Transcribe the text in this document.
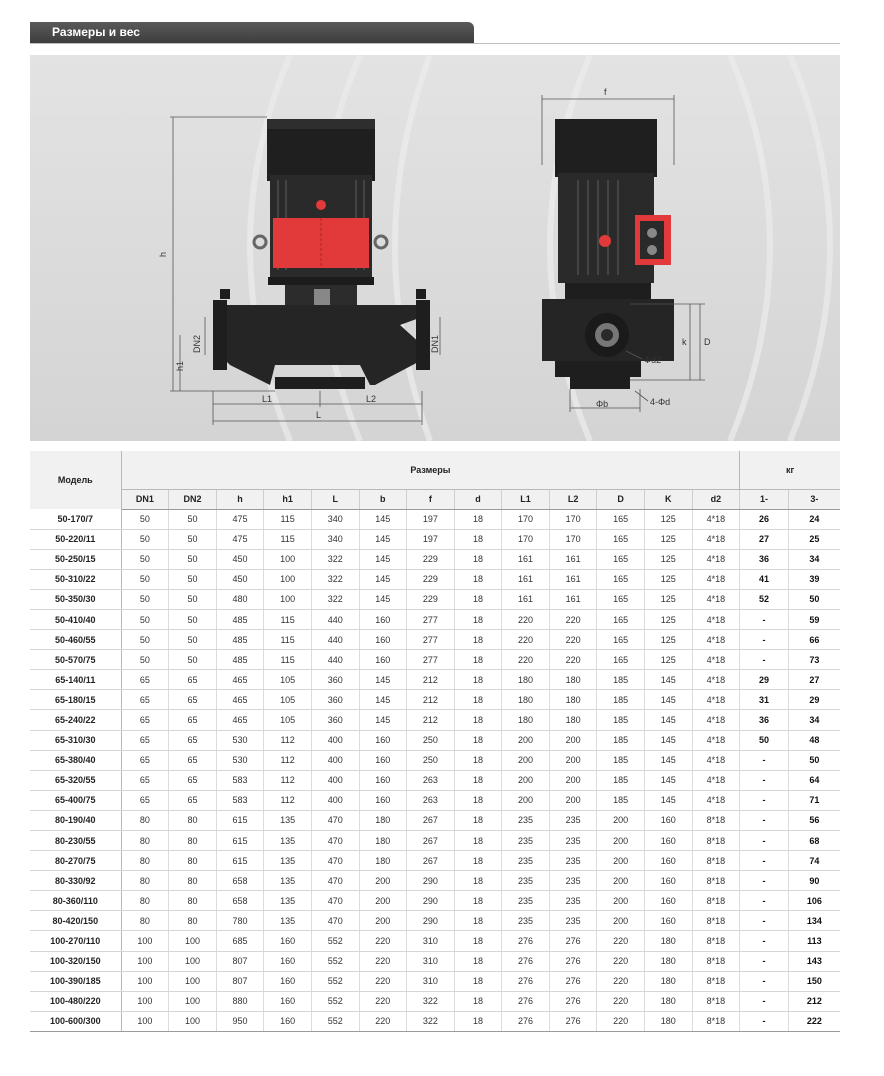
Размеры и вес
h
h1
DN2	DN1
L1	L2
L
f
k D
Φd2
Φb	4-Φd
Модель	Размеры													кг	
	DN1	DN2	h	h1	L	b	f	d	L1	L2	D	K	d2	1-	3-
50-170/7	50	50	475	115	340	145	197	18	170	170	165	125	4*18	26	24
50-220/11	50	50	475	115	340	145	197	18	170	170	165	125	4*18	27	25
50-250/15	50	50	450	100	322	145	229	18	161	161	165	125	4*18	36	34
50-310/22	50	50	450	100	322	145	229	18	161	161	165	125	4*18	41	39
50-350/30	50	50	480	100	322	145	229	18	161	161	165	125	4*18	52	50
50-410/40	50	50	485	115	440	160	277	18	220	220	165	125	4*18	-	59
50-460/55	50	50	485	115	440	160	277	18	220	220	165	125	4*18	-	66
50-570/75	50	50	485	115	440	160	277	18	220	220	165	125	4*18	-	73
65-140/11	65	65	465	105	360	145	212	18	180	180	185	145	4*18	29	27
65-180/15	65	65	465	105	360	145	212	18	180	180	185	145	4*18	31	29
65-240/22	65	65	465	105	360	145	212	18	180	180	185	145	4*18	36	34
65-310/30	65	65	530	112	400	160	250	18	200	200	185	145	4*18	50	48
65-380/40	65	65	530	112	400	160	250	18	200	200	185	145	4*18	-	50
65-320/55	65	65	583	112	400	160	263	18	200	200	185	145	4*18	-	64
65-400/75	65	65	583	112	400	160	263	18	200	200	185	145	4*18	-	71
80-190/40	80	80	615	135	470	180	267	18	235	235	200	160	8*18	-	56
80-230/55	80	80	615	135	470	180	267	18	235	235	200	160	8*18	-	68
80-270/75	80	80	615	135	470	180	267	18	235	235	200	160	8*18	-	74
80-330/92	80	80	658	135	470	200	290	18	235	235	200	160	8*18	-	90
80-360/110	80	80	658	135	470	200	290	18	235	235	200	160	8*18	-	106
80-420/150	80	80	780	135	470	200	290	18	235	235	200	160	8*18	-	134
100-270/110	100	100	685	160	552	220	310	18	276	276	220	180	8*18	-	113
100-320/150	100	100	807	160	552	220	310	18	276	276	220	180	8*18	-	143
100-390/185	100	100	807	160	552	220	310	18	276	276	220	180	8*18	-	150
100-480/220	100	100	880	160	552	220	322	18	276	276	220	180	8*18	-	212
100-600/300	100	100	950	160	552	220	322	18	276	276	220	180	8*18	-	222
